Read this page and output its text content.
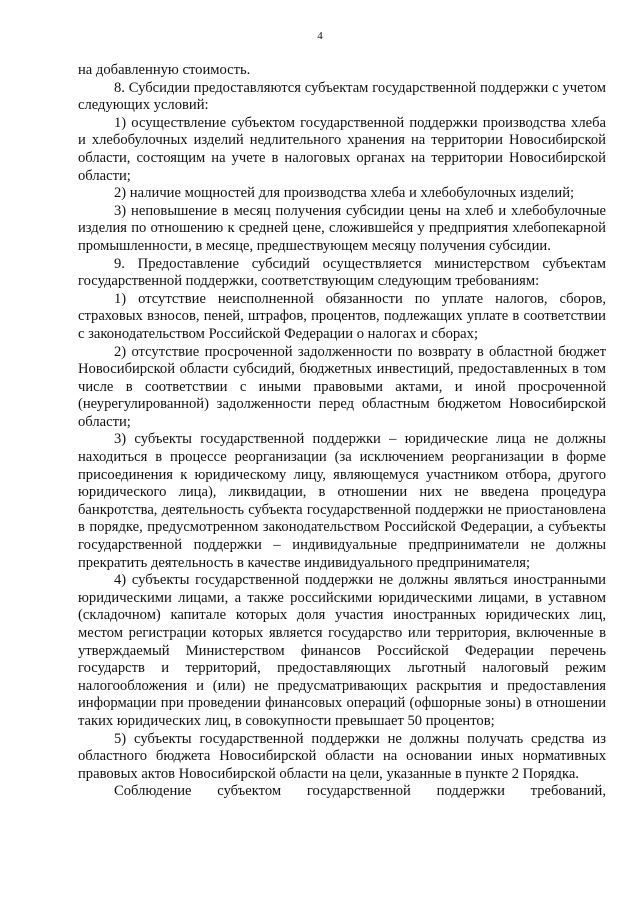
4

на добавленную стоимость.

8. Субсидии предоставляются субъектам государственной поддержки с учетом следующих условий:

1) осуществление субъектом государственной поддержки производства хлеба и хлебобулочных изделий недлительного хранения на территории Новосибирской области, состоящим на учете в налоговых органах на территории Новосибирской области;

2) наличие мощностей для производства хлеба и хлебобулочных изделий;

3) неповышение в месяц получения субсидии цены на хлеб и хлебобулочные изделия по отношению к средней цене, сложившейся у предприятия хлебопекарной промышленности, в месяце, предшествующем месяцу получения субсидии.

9. Предоставление субсидий осуществляется министерством субъектам государственной поддержки, соответствующим следующим требованиям:

1) отсутствие неисполненной обязанности по уплате налогов, сборов, страховых взносов, пеней, штрафов, процентов, подлежащих уплате в соответствии с законодательством Российской Федерации о налогах и сборах;

2) отсутствие просроченной задолженности по возврату в областной бюджет Новосибирской области субсидий, бюджетных инвестиций, предоставленных в том числе в соответствии с иными правовыми актами, и иной просроченной (неурегулированной) задолженности перед областным бюджетом Новосибирской области;

3) субъекты государственной поддержки – юридические лица не должны находиться в процессе реорганизации (за исключением реорганизации в форме присоединения к юридическому лицу, являющемуся участником отбора, другого юридического лица), ликвидации, в отношении них не введена процедура банкротства, деятельность субъекта государственной поддержки не приостановлена в порядке, предусмотренном законодательством Российской Федерации, а субъекты государственной поддержки – индивидуальные предприниматели не должны прекратить деятельность в качестве индивидуального предпринимателя;

4) субъекты государственной поддержки не должны являться иностранными юридическими лицами, а также российскими юридическими лицами, в уставном (складочном) капитале которых доля участия иностранных юридических лиц, местом регистрации которых является государство или территория, включенные в утверждаемый Министерством финансов Российской Федерации перечень государств и территорий, предоставляющих льготный налоговый режим налогообложения и (или) не предусматривающих раскрытия и предоставления информации при проведении финансовых операций (офшорные зоны) в отношении таких юридических лиц, в совокупности превышает 50 процентов;

5) субъекты государственной поддержки не должны получать средства из областного бюджета Новосибирской области на основании иных нормативных правовых актов Новосибирской области на цели, указанные в пункте 2 Порядка.

Соблюдение субъектом государственной поддержки требований,
